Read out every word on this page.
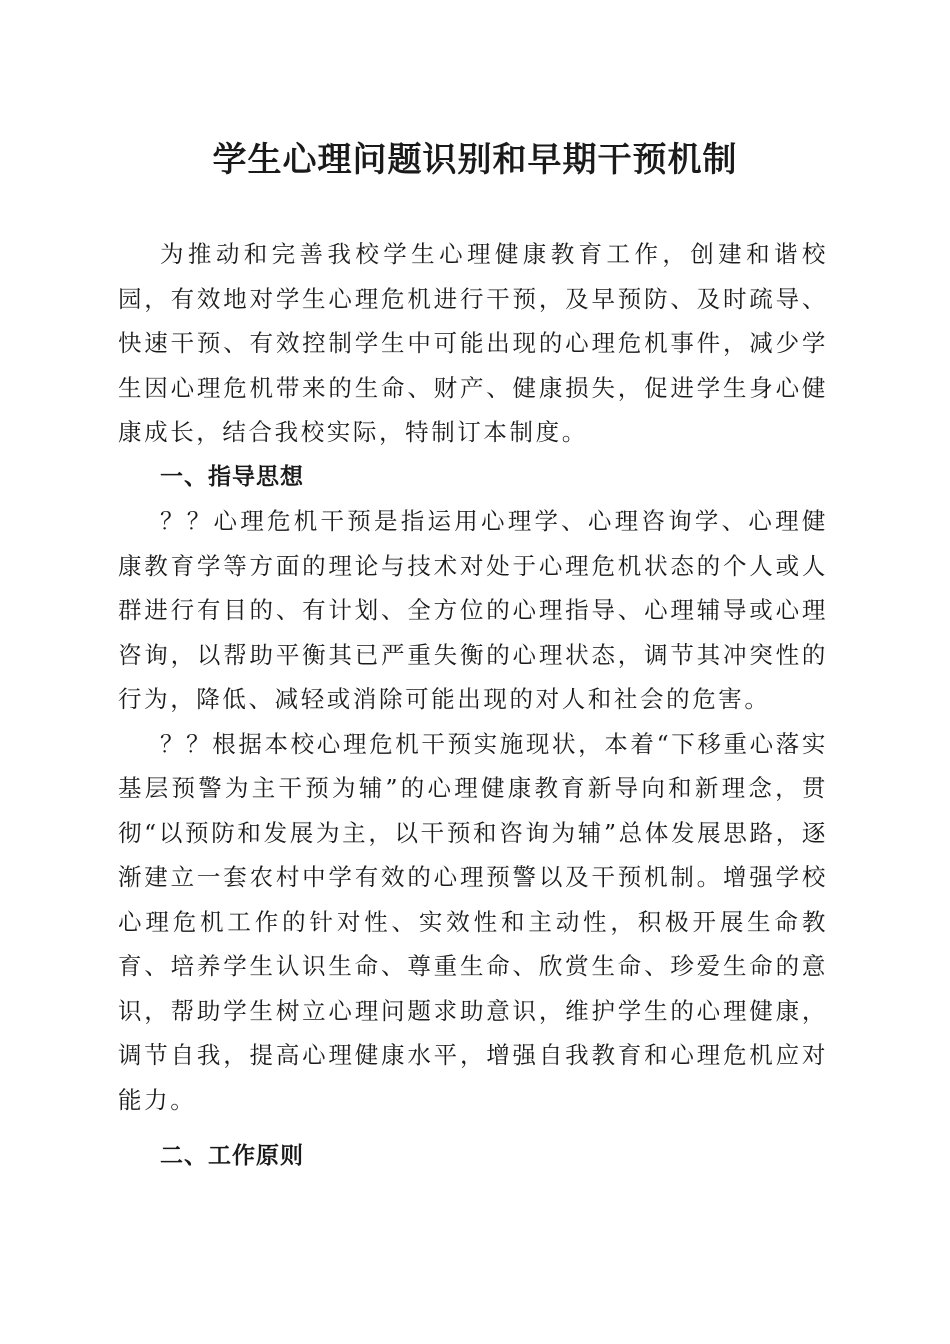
学生心理问题识别和早期干预机制

为推动和完善我校学生心理健康教育工作，创建和谐校园，有效地对学生心理危机进行干预，及早预防、及时疏导、快速干预、有效控制学生中可能出现的心理危机事件，减少学生因心理危机带来的生命、财产、健康损失，促进学生身心健康成长，结合我校实际，特制订本制度。

一、指导思想

？？心理危机干预是指运用心理学、心理咨询学、心理健康教育学等方面的理论与技术对处于心理危机状态的个人或人群进行有目的、有计划、全方位的心理指导、心理辅导或心理咨询，以帮助平衡其已严重失衡的心理状态，调节其冲突性的行为，降低、减轻或消除可能出现的对人和社会的危害。

？？根据本校心理危机干预实施现状，本着“下移重心落实基层预警为主干预为辅”的心理健康教育新导向和新理念，贯彻“以预防和发展为主，以干预和咨询为辅”总体发展思路，逐渐建立一套农村中学有效的心理预警以及干预机制。增强学校心理危机工作的针对性、实效性和主动性，积极开展生命教育、培养学生认识生命、尊重生命、欣赏生命、珍爱生命的意识，帮助学生树立心理问题求助意识，维护学生的心理健康，调节自我，提高心理健康水平，增强自我教育和心理危机应对能力。

二、工作原则
